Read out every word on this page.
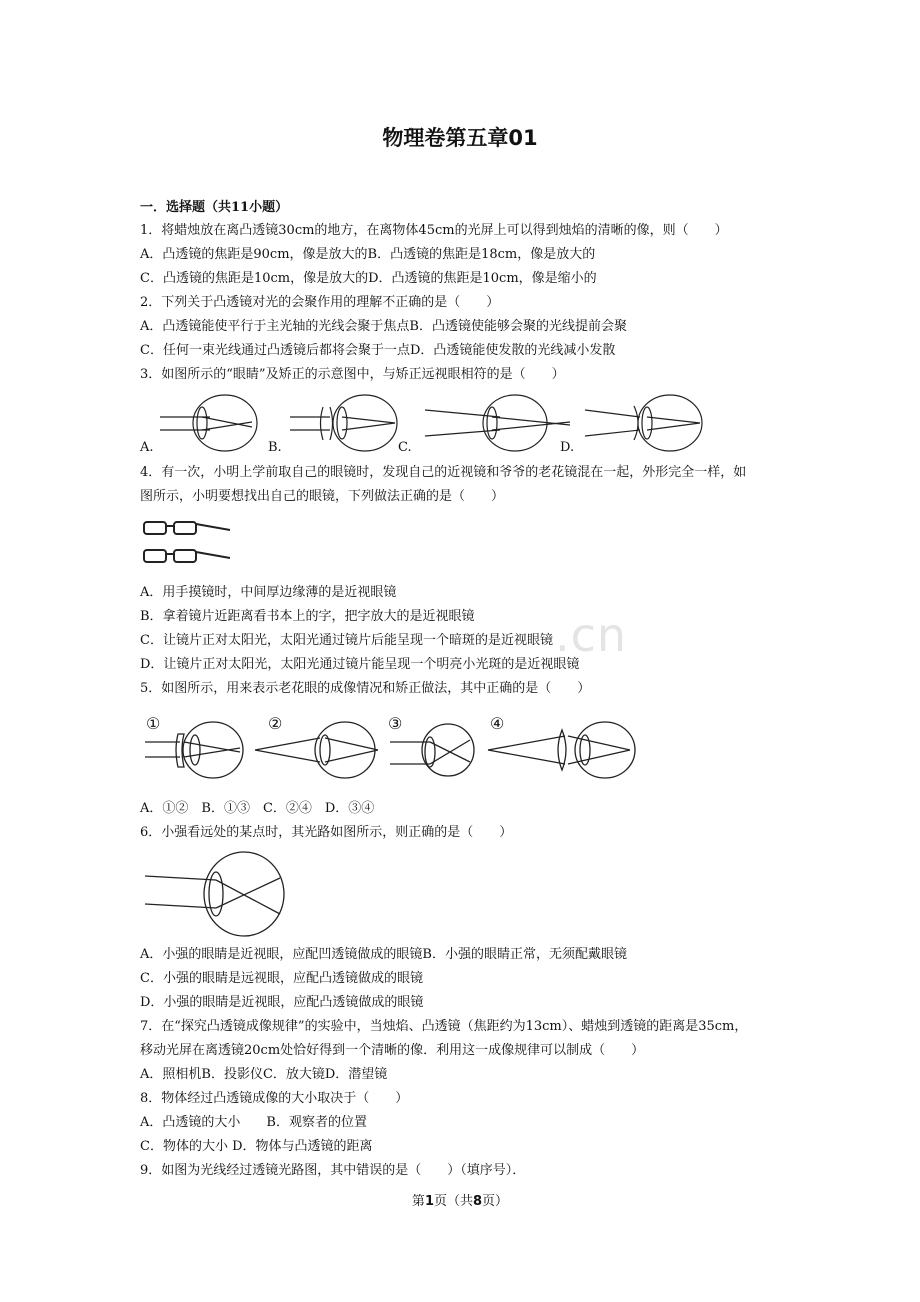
物理卷第五章01
一．选择题（共11小题）
1．将蜡烛放在离凸透镜30cm的地方，在离物体45cm的光屏上可以得到烛焰的清晰的像，则（　　）
A．凸透镜的焦距是90cm，像是放大的B．凸透镜的焦距是18cm，像是放大的
C．凸透镜的焦距是10cm，像是放大的D．凸透镜的焦距是10cm，像是缩小的
2．下列关于凸透镜对光的会聚作用的理解不正确的是（　　）
A．凸透镜能使平行于主光轴的光线会聚于焦点B．凸透镜使能够会聚的光线提前会聚
C．任何一束光线通过凸透镜后都将会聚于一点D．凸透镜能使发散的光线减小发散
3．如图所示的“眼睛”及矫正的示意图中，与矫正远视眼相符的是（　　）
A.	B.	C.	D.
4．有一次，小明上学前取自己的眼镜时，发现自己的近视镜和爷爷的老花镜混在一起，外形完全一样，如
图所示，小明要想找出自己的眼镜，下列做法正确的是（　　）
A．用手摸镜时，中间厚边缘薄的是近视眼镜
B．拿着镜片近距离看书本上的字，把字放大的是近视眼镜
C．让镜片正对太阳光，太阳光通过镜片后能呈现一个暗斑的是近视眼镜
D．让镜片正对太阳光，太阳光通过镜片能呈现一个明亮小光斑的是近视眼镜
5．如图所示，用来表示老花眼的成像情况和矫正做法，其中正确的是（　　）
①	②	③	④
A．①②　B．①③　C．②④　D．③④
6．小强看远处的某点时，其光路如图所示，则正确的是（　　）
A．小强的眼睛是近视眼，应配凹透镜做成的眼镜B．小强的眼睛正常，无须配戴眼镜
C．小强的眼睛是远视眼，应配凸透镜做成的眼镜
D．小强的眼睛是近视眼，应配凸透镜做成的眼镜
7．在“探究凸透镜成像规律”的实验中，当烛焰、凸透镜（焦距约为13cm）、蜡烛到透镜的距离是35cm，
移动光屏在离透镜20cm处恰好得到一个清晰的像．利用这一成像规律可以制成（　　）
A．照相机B．投影仪C．放大镜D．潜望镜
8．物体经过凸透镜成像的大小取决于（　　）
A．凸透镜的大小　　B．观察者的位置
C．物体的大小 D．物体与凸透镜的距离
9．如图为光线经过透镜光路图，其中错误的是（　　）（填序号）．
.cn
第1页（共8页）
